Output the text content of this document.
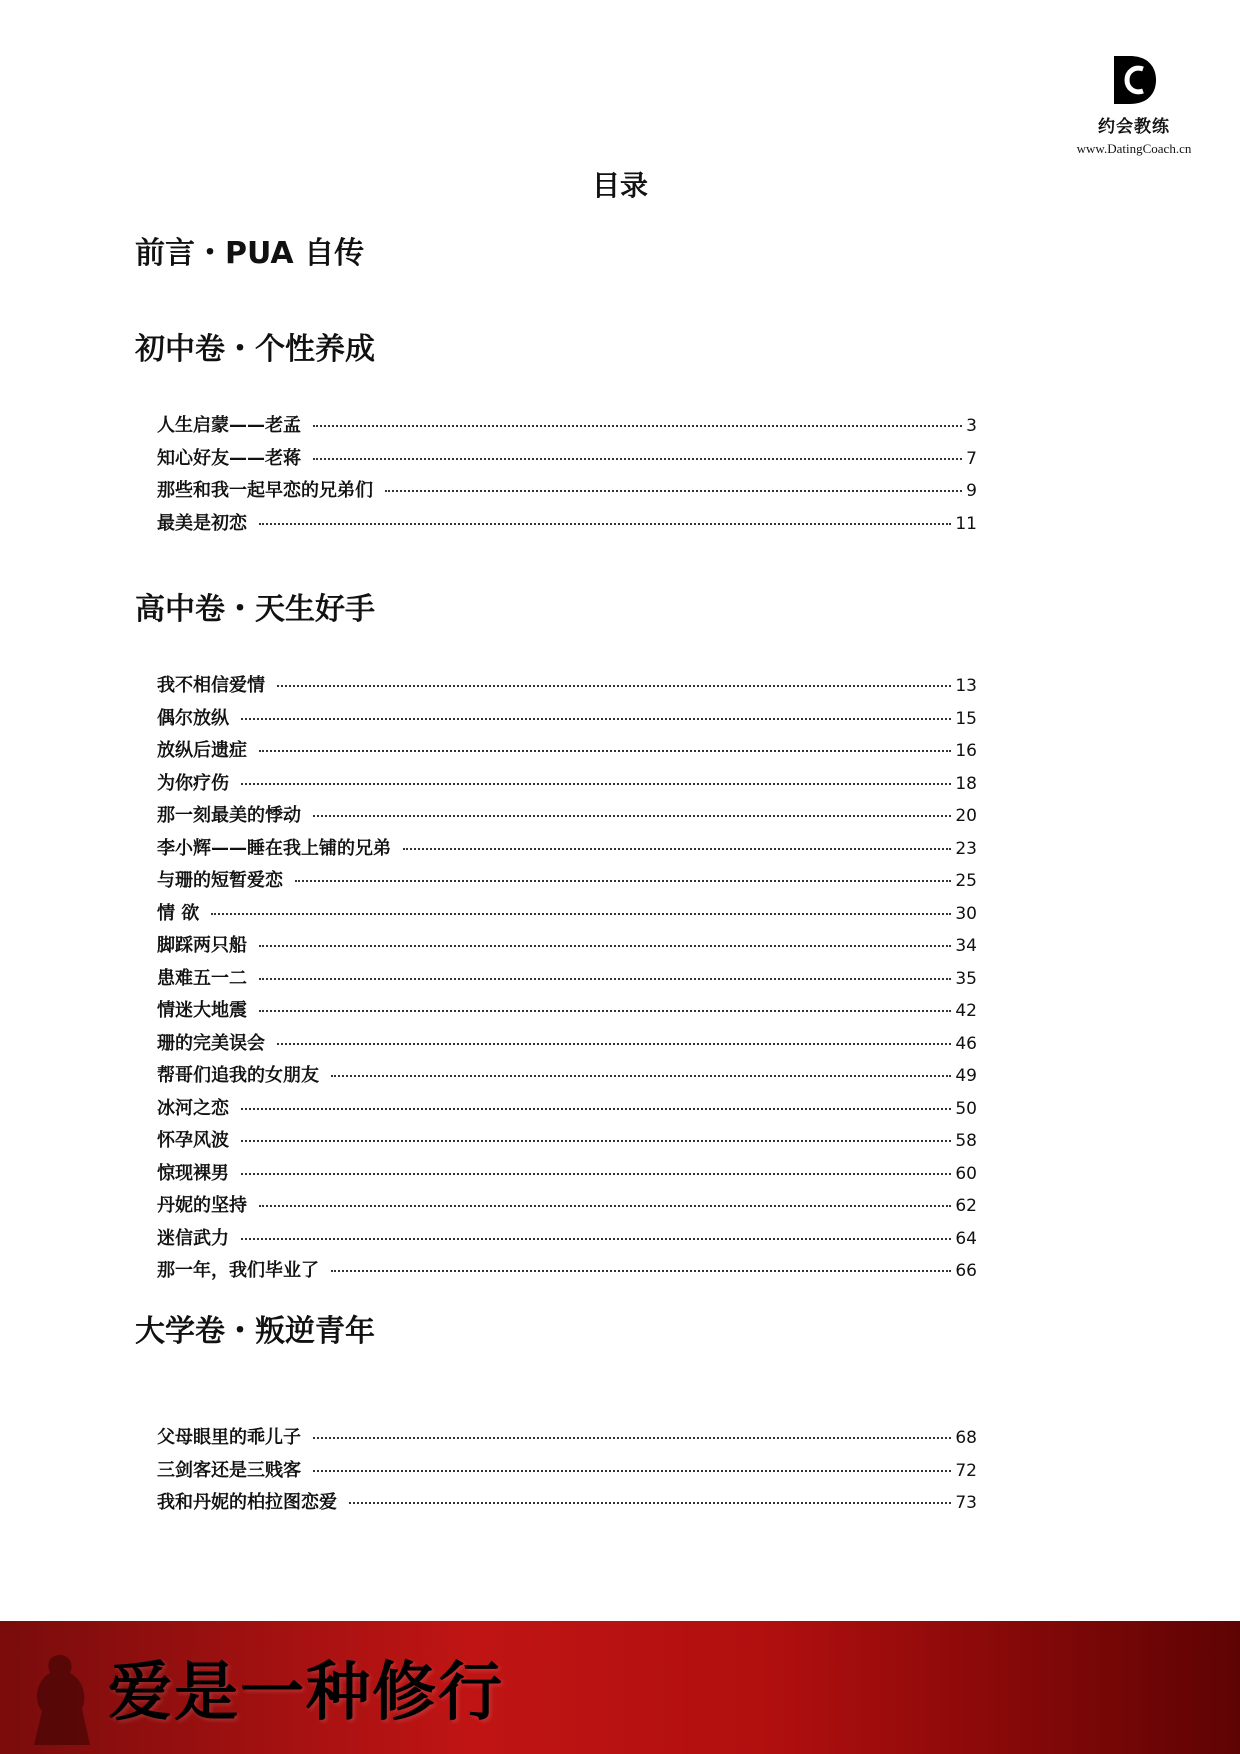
约会教练
www.DatingCoach.cn
目录
前言・PUA 自传
初中卷・个性养成
人生启蒙——老孟	3
知心好友——老蒋	7
那些和我一起早恋的兄弟们	9
最美是初恋	11
高中卷・天生好手
我不相信爱情	13
偶尔放纵	15
放纵后遗症	16
为你疗伤	18
那一刻最美的悸动	20
李小辉——睡在我上铺的兄弟	23
与珊的短暂爱恋	25
情 欲	30
脚踩两只船	34
患难五一二	35
情迷大地震	42
珊的完美误会	46
帮哥们追我的女朋友	49
冰河之恋	50
怀孕风波	58
惊现裸男	60
丹妮的坚持	62
迷信武力	64
那一年，我们毕业了	66
大学卷・叛逆青年
父母眼里的乖儿子	68
三剑客还是三贱客	72
我和丹妮的柏拉图恋爱	73
爱是一种修行
